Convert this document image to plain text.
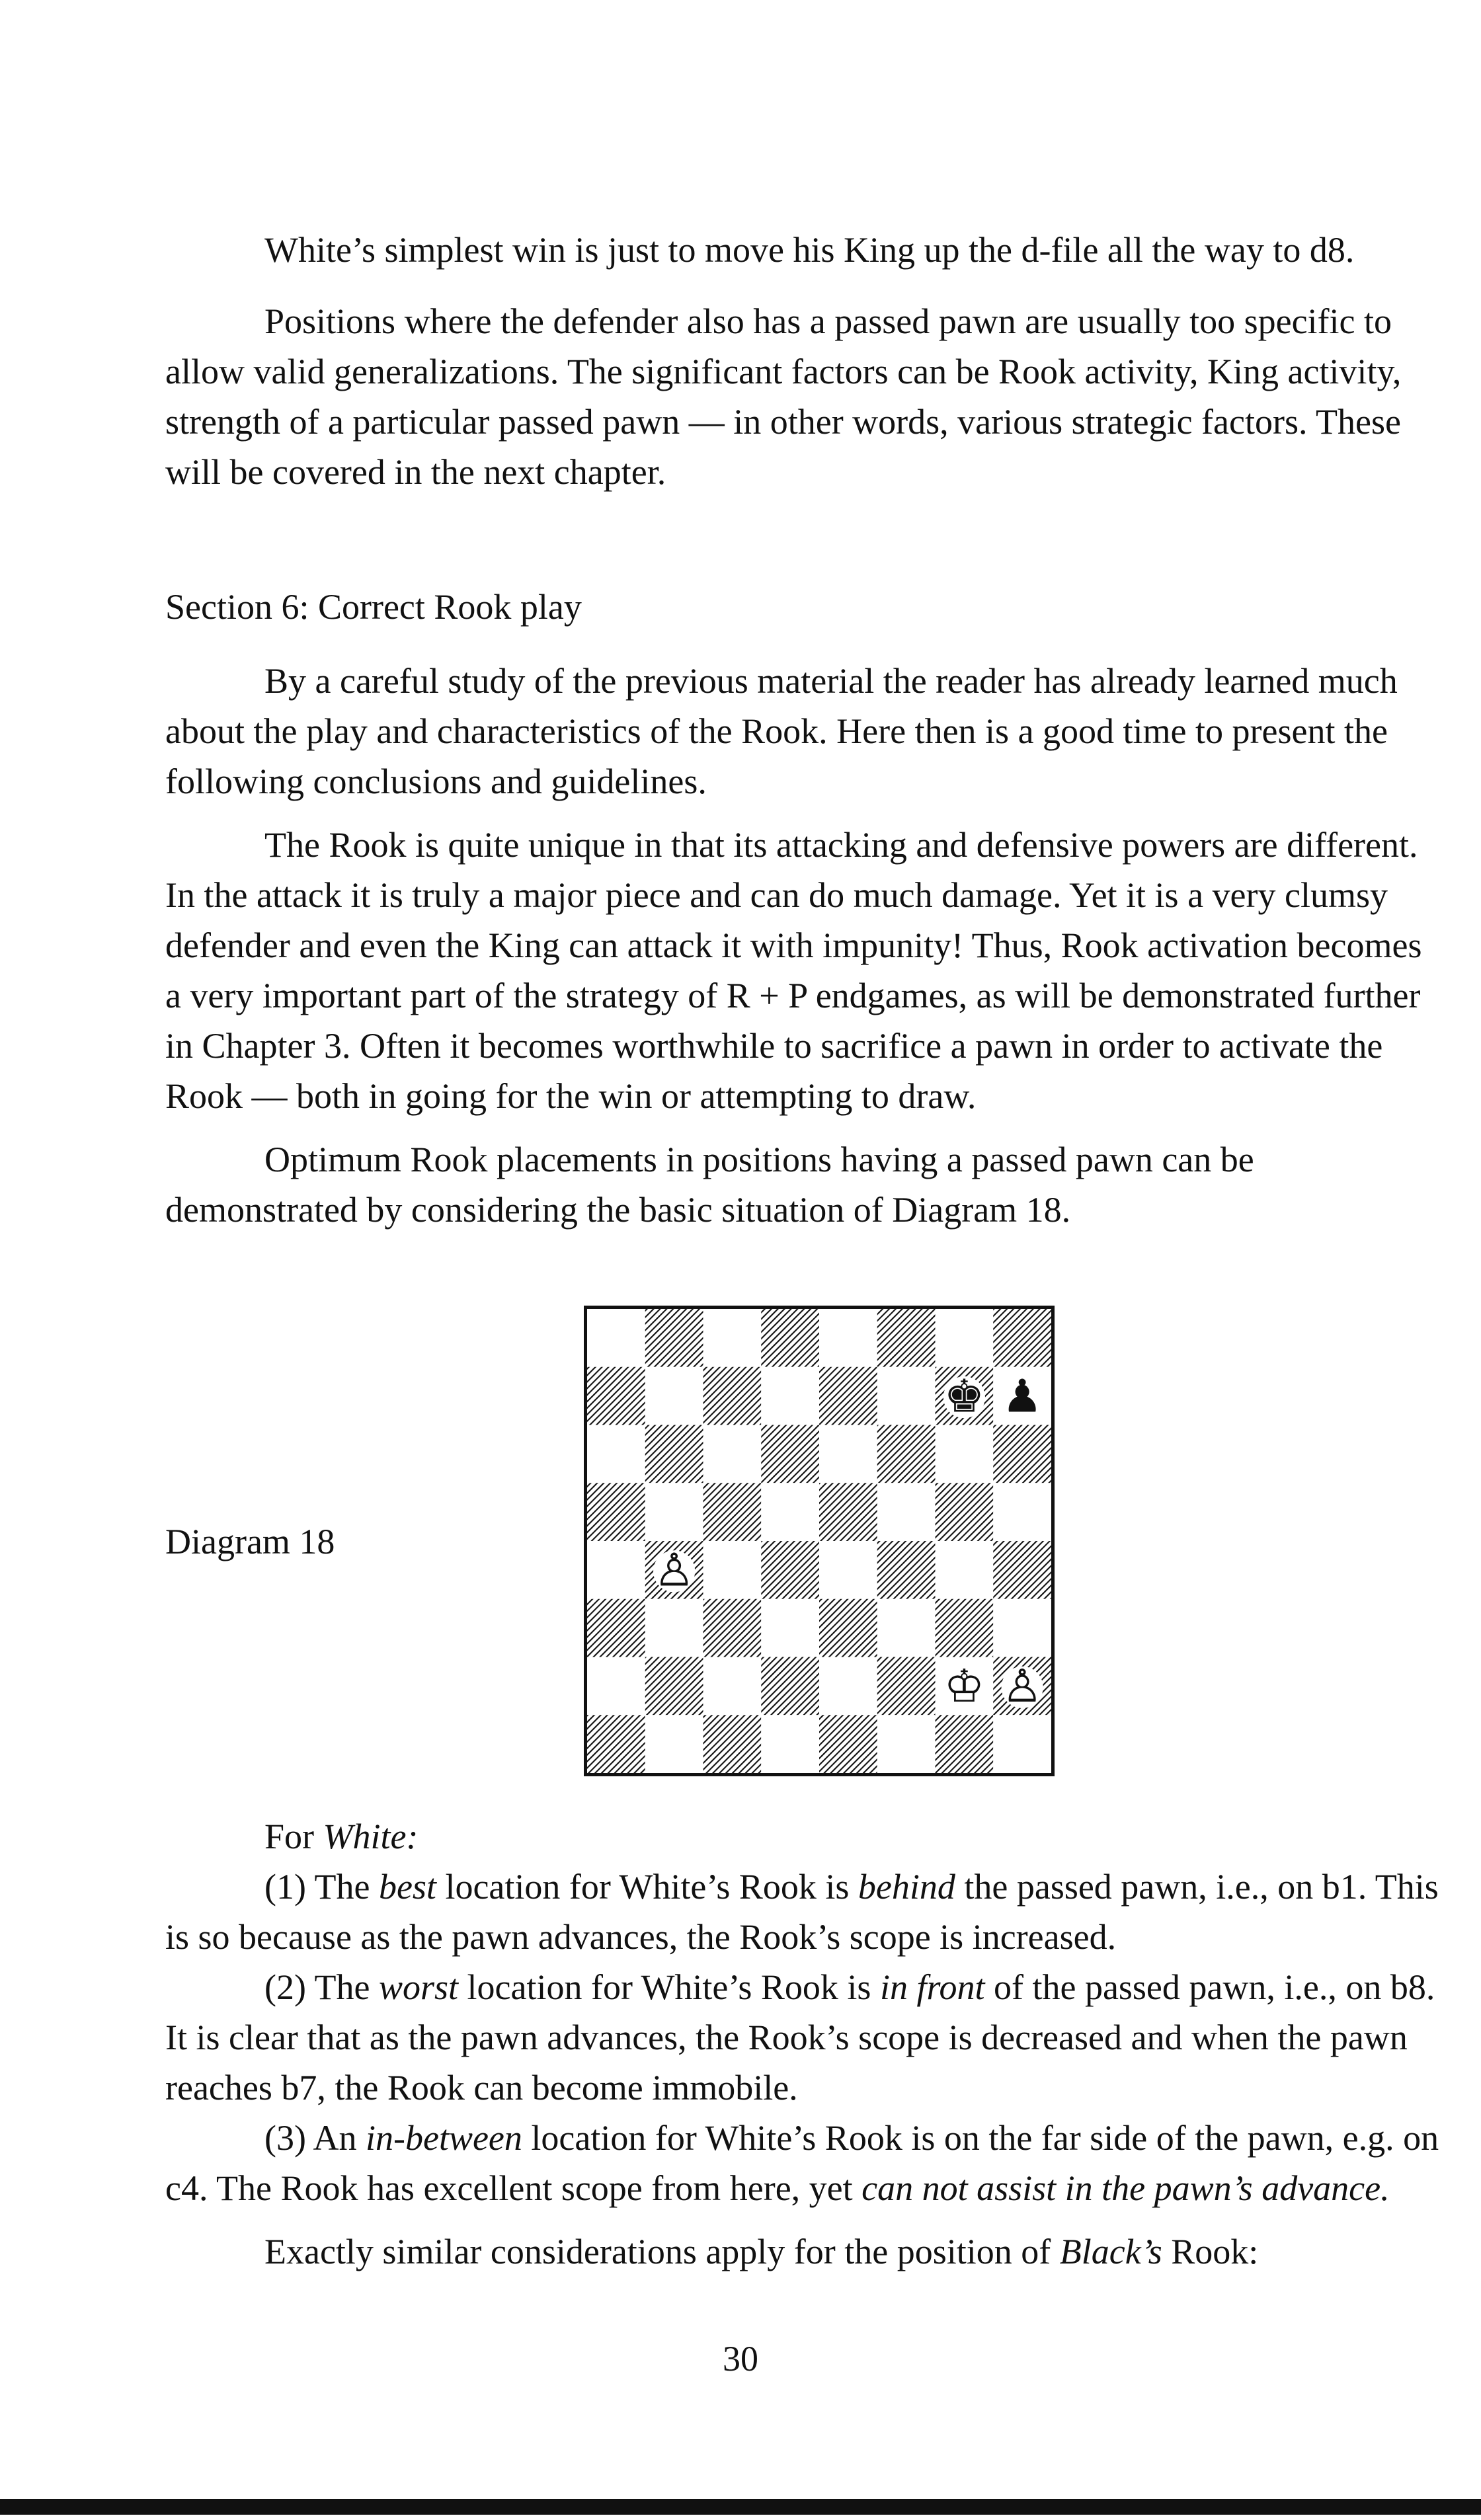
White’s simplest win is just to move his King up the d-file all the way to d8.

Positions where the defender also has a passed pawn are usually too specific to allow valid generalizations. The significant factors can be Rook activity, King activity, strength of a particular passed pawn — in other words, various strategic factors. These will be covered in the next chapter.

Section 6: Correct Rook play

By a careful study of the previous material the reader has already learned much about the play and characteristics of the Rook. Here then is a good time to present the following conclusions and guidelines.

The Rook is quite unique in that its attacking and defensive powers are different. In the attack it is truly a major piece and can do much damage. Yet it is a very clumsy defender and even the King can attack it with impunity! Thus, Rook activation becomes a very important part of the strategy of R + P endgames, as will be demonstrated further in Chapter 3. Often it becomes worthwhile to sacrifice a pawn in order to activate the Rook — both in going for the win or attempting to draw.

Optimum Rook placements in positions having a passed pawn can be demonstrated by considering the basic situation of Diagram 18.

Diagram 18
♚ ♟
♙
♔ ♙

For White:

(1) The best location for White’s Rook is behind the passed pawn, i.e., on b1. This is so because as the pawn advances, the Rook’s scope is increased.

(2) The worst location for White’s Rook is in front of the passed pawn, i.e., on b8. It is clear that as the pawn advances, the Rook’s scope is decreased and when the pawn reaches b7, the Rook can become immobile.

(3) An in-between location for White’s Rook is on the far side of the pawn, e.g. on c4. The Rook has excellent scope from here, yet can not assist in the pawn’s advance.

Exactly similar considerations apply for the position of Black’s Rook:

30
